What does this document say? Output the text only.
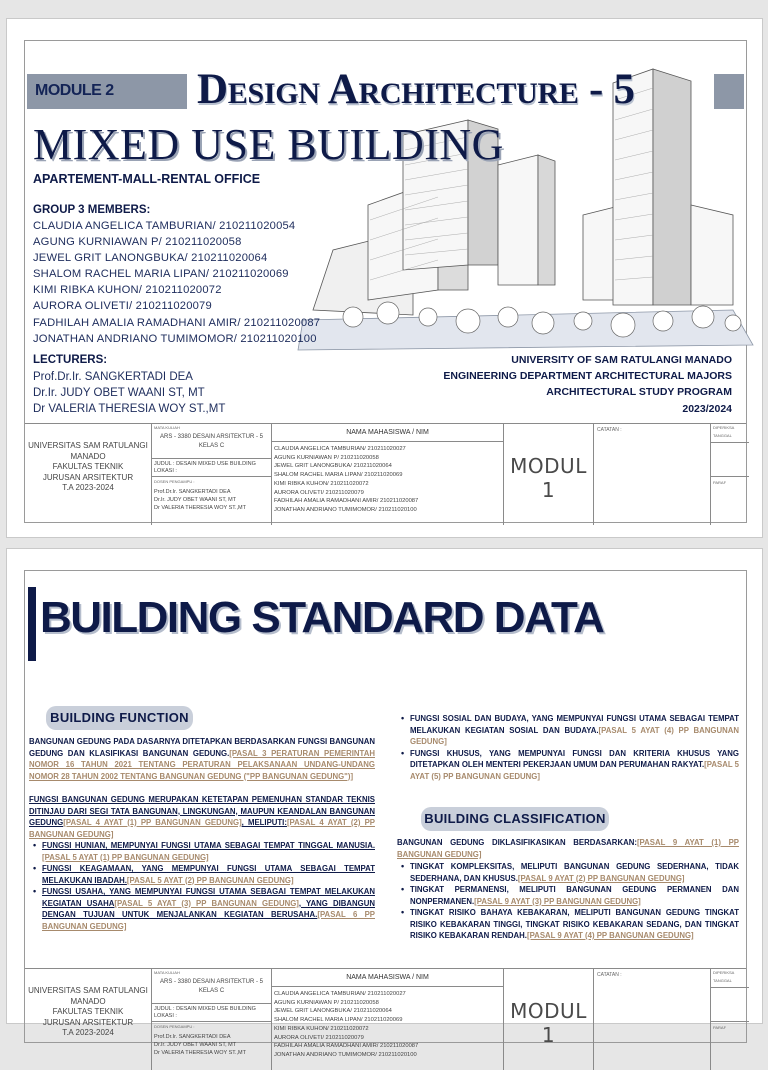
MODULE 2 Design Architecture - 5
MIXED USE BUILDING
APARTEMENT-MALL-RENTAL OFFICE
GROUP 3 MEMBERS:
CLAUDIA ANGELICA TAMBURIAN/ 210211020054
AGUNG KURNIAWAN P/ 210211020058
JEWEL GRIT LANONGBUKA/ 210211020064
SHALOM RACHEL MARIA LIPAN/ 210211020069
KIMI RIBKA KUHON/ 210211020072
AURORA OLIVETI/ 210211020079
FADHILAH AMALIA RAMADHANI AMIR/ 210211020087
JONATHAN ANDRIANO TUMIMOMOR/ 210211020100
LECTURERS:
Prof.Dr.Ir. SANGKERTADI DEA
Dr.Ir. JUDY OBET WAANI ST, MT
Dr VALERIA THERESIA WOY ST.,MT
UNIVERSITY OF SAM RATULANGI MANADO
ENGINEERING DEPARTMENT ARCHITECTURAL MAJORS
ARCHITECTURAL STUDY PROGRAM
2023/2024
UNIVERSITAS SAM RATULANGI
MANADO
FAKULTAS TEKNIK
JURUSAN ARSITEKTUR
T.A 2023-2024
MATA KULIAH
ARS - 3380 DESAIN ARSITEKTUR - 5
KELAS C
JUDUL : DESAIN MIXED USE BUILDING
LOKASI :
DOSEN PENGAMPU :
Prof.Dr.Ir. SANGKERTADI DEA
Dr.Ir. JUDY OBET WAANI ST, MT
Dr VALERIA THERESIA WOY ST.,MT
NAMA MAHASISWA / NIM
CLAUDIA ANGELICA TAMBURIAN/ 210211020027
AGUNG KURNIAWAN P/ 210211020058
JEWEL GRIT LANONGBUKA/ 210211020064
SHALOM RACHEL MARIA LIPAN/ 210211020069
KIMI RIBKA KUHON/ 210211020072
AURORA OLIVETI/ 210211020079
FADHILAH AMALIA RAMADHANI AMIR/ 210211020087
JONATHAN ANDRIANO TUMIMOMOR/ 210211020100
MODUL 1
CATATAN :	DIPERIKSA
TANGGAL
PARAF
BUILDING STANDARD DATA
BUILDING FUNCTION
BUILDING CLASSIFICATION

BANGUNAN GEDUNG PADA DASARNYA DITETAPKAN BERDASARKAN FUNGSI BANGUNAN GEDUNG DAN KLASIFIKASI BANGUNAN GEDUNG.[PASAL 3 PERATURAN PEMERINTAH NOMOR 16 TAHUN 2021 TENTANG PERATURAN PELAKSANAAN UNDANG-UNDANG NOMOR 28 TAHUN 2002 TENTANG BANGUNAN GEDUNG ("PP BANGUNAN GEDUNG")]

FUNGSI BANGUNAN GEDUNG MERUPAKAN KETETAPAN PEMENUHAN STANDAR TEKNIS DITINJAU DARI SEGI TATA BANGUNAN, LINGKUNGAN, MAUPUN KEANDALAN BANGUNAN GEDUNG[PASAL 4 AYAT (1) PP BANGUNAN GEDUNG], MELIPUTI:[PASAL 4 AYAT (2) PP BANGUNAN GEDUNG]
• FUNGSI HUNIAN, MEMPUNYAI FUNGSI UTAMA SEBAGAI TEMPAT TINGGAL MANUSIA.[PASAL 5 AYAT (1) PP BANGUNAN GEDUNG]
• FUNGSI KEAGAMAAN, YANG MEMPUNYAI FUNGSI UTAMA SEBAGAI TEMPAT MELAKUKAN IBADAH.[PASAL 5 AYAT (2) PP BANGUNAN GEDUNG]
• FUNGSI USAHA, YANG MEMPUNYAI FUNGSI UTAMA SEBAGAI TEMPAT MELAKUKAN KEGIATAN USAHA[PASAL 5 AYAT (3) PP BANGUNAN GEDUNG], YANG DIBANGUN DENGAN TUJUAN UNTUK MENJALANKAN KEGIATAN BERUSAHA.[PASAL 6 PP BANGUNAN GEDUNG]
• FUNGSI SOSIAL DAN BUDAYA, YANG MEMPUNYAI FUNGSI UTAMA SEBAGAI TEMPAT MELAKUKAN KEGIATAN SOSIAL DAN BUDAYA.[PASAL 5 AYAT (4) PP BANGUNAN GEDUNG]
• FUNGSI KHUSUS, YANG MEMPUNYAI FUNGSI DAN KRITERIA KHUSUS YANG DITETAPKAN OLEH MENTERI PEKERJAAN UMUM DAN PERUMAHAN RAKYAT.[PASAL 5 AYAT (5) PP BANGUNAN GEDUNG]

BANGUNAN GEDUNG DIKLASIFIKASIKAN BERDASARKAN:[PASAL 9 AYAT (1) PP BANGUNAN GEDUNG]

• TINGKAT KOMPLEKSITAS, MELIPUTI BANGUNAN GEDUNG SEDERHANA, TIDAK SEDERHANA, DAN KHUSUS.[PASAL 9 AYAT (2) PP BANGUNAN GEDUNG]
• TINGKAT PERMANENSI, MELIPUTI BANGUNAN GEDUNG PERMANEN DAN NONPERMANEN.[PASAL 9 AYAT (3) PP BANGUNAN GEDUNG]
• TINGKAT RISIKO BAHAYA KEBAKARAN, MELIPUTI BANGUNAN GEDUNG TINGKAT RISIKO KEBAKARAN TINGGI, TINGKAT RISIKO KEBAKARAN SEDANG, DAN TINGKAT RISIKO KEBAKARAN RENDAH.[PASAL 9 AYAT (4) PP BANGUNAN GEDUNG]
UNIVERSITAS SAM RATULANGI
MANADO
FAKULTAS TEKNIK
JURUSAN ARSITEKTUR
T.A 2023-2024
MATA KULIAH
ARS - 3380 DESAIN ARSITEKTUR - 5
KELAS C
JUDUL : DESAIN MIXED USE BUILDING
LOKASI :
DOSEN PENGAMPU :
Prof.Dr.Ir. SANGKERTADI DEA
Dr.Ir. JUDY OBET WAANI ST, MT
Dr VALERIA THERESIA WOY ST.,MT
NAMA MAHASISWA / NIM
CLAUDIA ANGELICA TAMBURIAN/ 210211020027
AGUNG KURNIAWAN P/ 210211020058
JEWEL GRIT LANONGBUKA/ 210211020064
SHALOM RACHEL MARIA LIPAN/ 210211020069
KIMI RIBKA KUHON/ 210211020072
AURORA OLIVETI/ 210211020079
FADHILAH AMALIA RAMADHANI AMIR/ 210211020087
JONATHAN ANDRIANO TUMIMOMOR/ 210211020100
MODUL 1
CATATAN :	DIPERIKSA
TANGGAL
PARAF
